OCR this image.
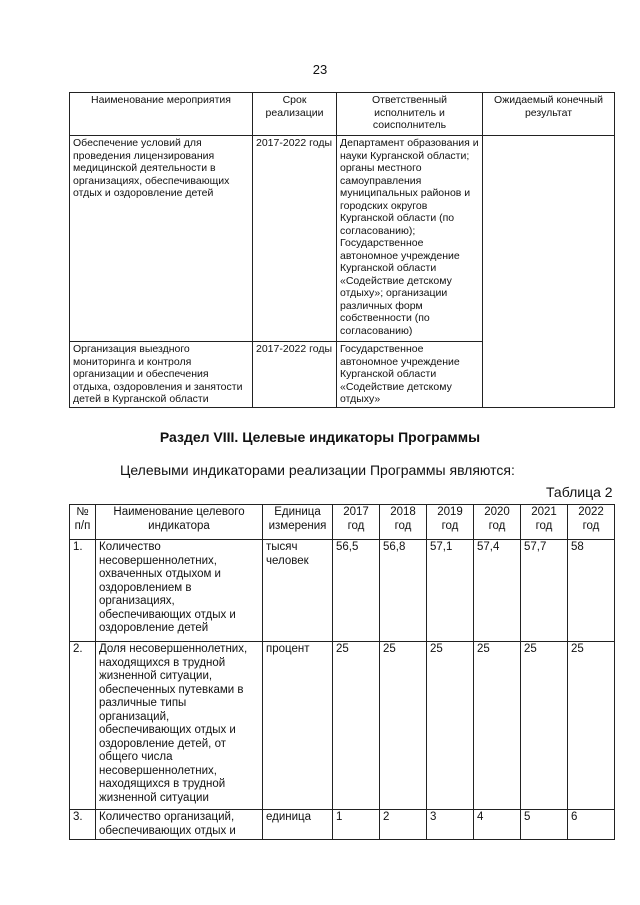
23
Наименование мероприятия	Срок реализации	Ответственный исполнитель и соисполнитель	Ожидаемый конечный результат
Обеспечение условий для проведения лицензирования медицинской деятельности в организациях, обеспечивающих отдых и оздоровление детей	2017-2022 годы	Департамент образования и науки Курганской области; органы местного самоуправления муниципальных районов и городских округов Курганской области (по согласованию); Государственное автономное учреждение Курганской области «Содействие детскому отдыху»; организации различных форм собственности (по согласованию)	
Организация выездного мониторинга и контроля организации и обеспечения отдыха, оздоровления и занятости детей в Курганской области	2017-2022 годы	Государственное автономное учреждение Курганской области «Содействие детскому отдыху»	
Раздел VIII. Целевые индикаторы Программы
Целевыми индикаторами реализации Программы являются:
Таблица 2
№ п/п	Наименование целевого индикатора	Единица измерения	2017 год	2018 год	2019 год	2020 год	2021 год	2022 год
1.	Количество несовершеннолетних, охваченных отдыхом и оздоровлением в организациях, обеспечивающих отдых и оздоровление детей	тысяч человек	56,5	56,8	57,1	57,4	57,7	58
2.	Доля несовершеннолетних, находящихся в трудной жизненной ситуации, обеспеченных путевками в различные типы организаций, обеспечивающих отдых и оздоровление детей, от общего числа несовершеннолетних, находящихся в трудной жизненной ситуации	процент	25	25	25	25	25	25
3.	Количество организаций, обеспечивающих отдых и	единица	1	2	3	4	5	6
